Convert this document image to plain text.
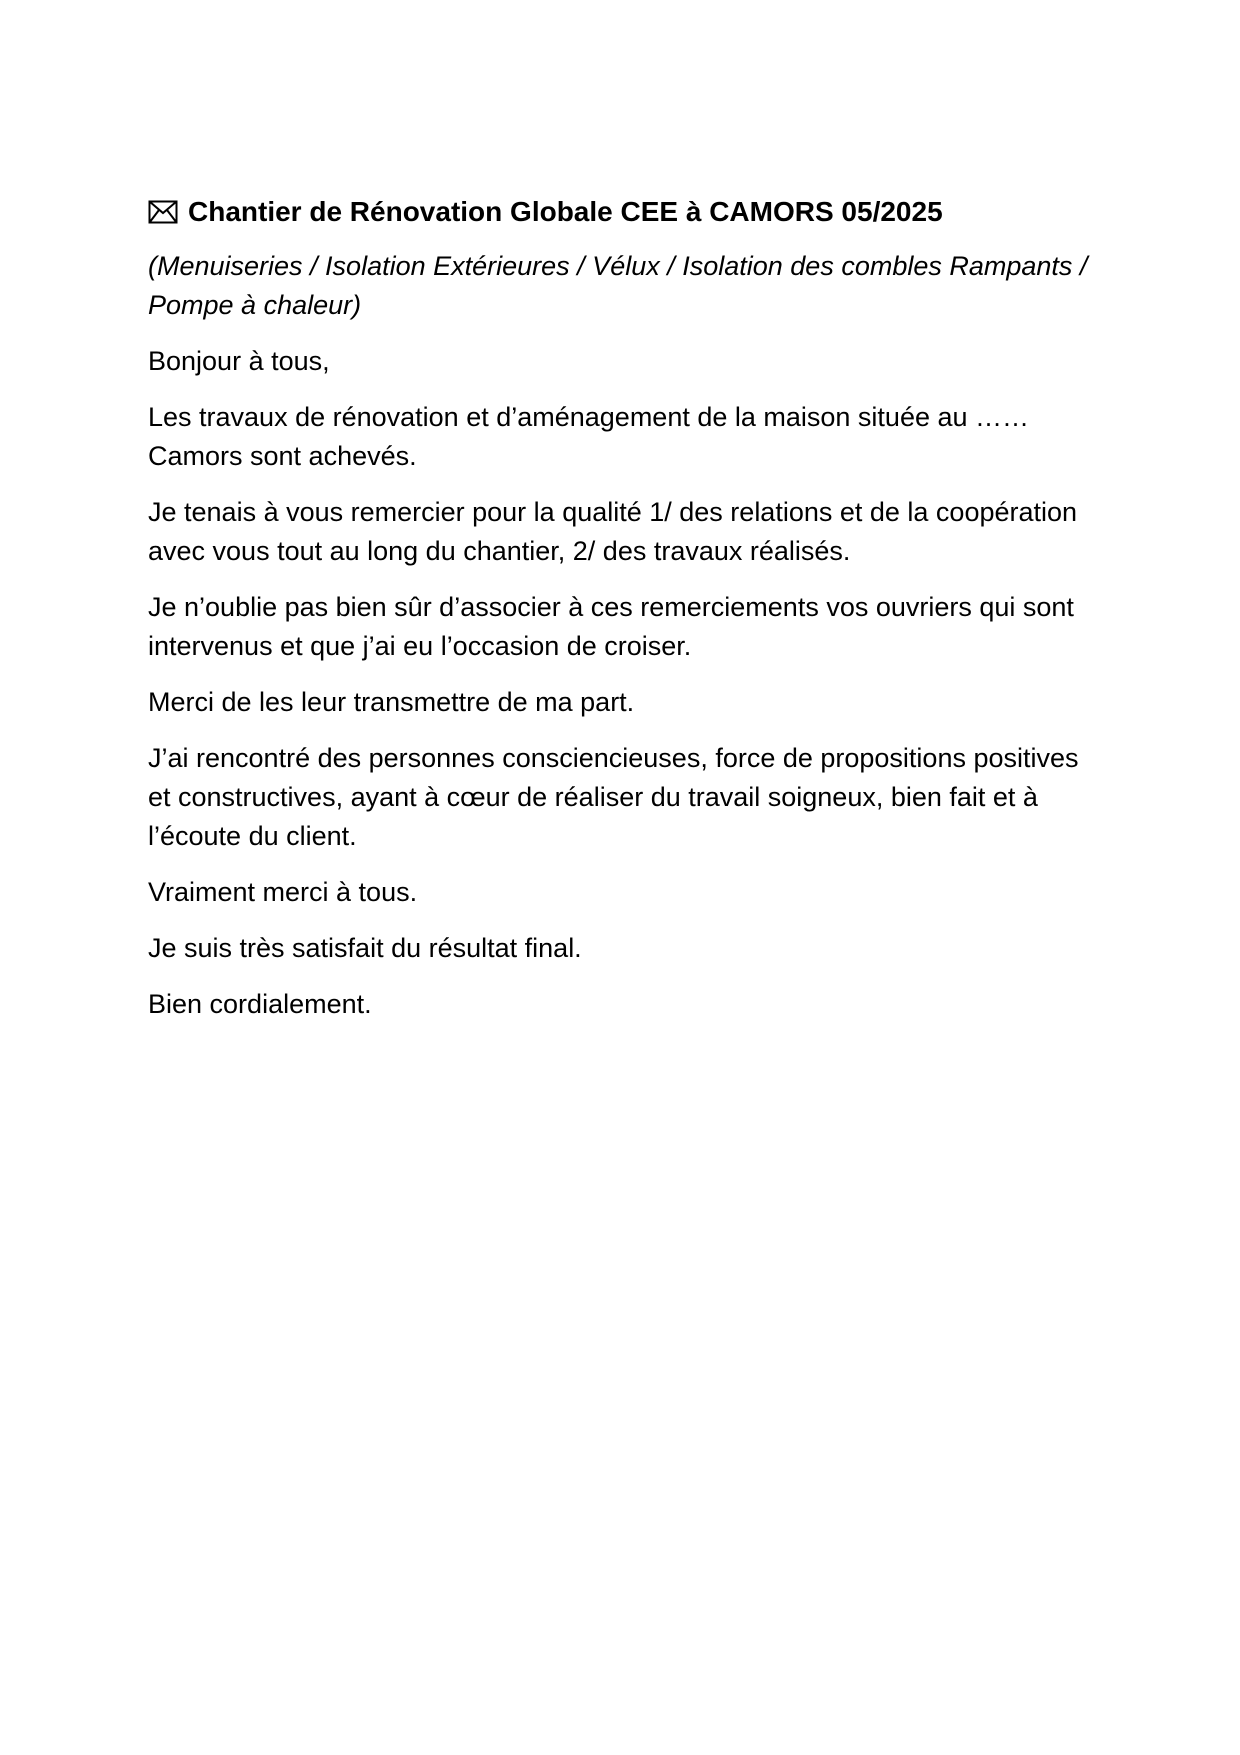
Chantier de Rénovation Globale CEE à CAMORS 05/2025

(Menuiseries / Isolation Extérieures / Vélux / Isolation des combles Rampants / Pompe à chaleur)

Bonjour à tous,

Les travaux de rénovation et d’aménagement de la maison située au …… Camors sont achevés.

Je tenais à vous remercier pour la qualité 1/ des relations et de la coopération avec vous tout au long du chantier, 2/ des travaux réalisés.

Je n’oublie pas bien sûr d’associer à ces remerciements vos ouvriers qui sont intervenus et que j’ai eu l’occasion de croiser.

Merci de les leur transmettre de ma part.

J’ai rencontré des personnes consciencieuses, force de propositions positives et constructives, ayant à cœur de réaliser du travail soigneux, bien fait et à l’écoute du client.

Vraiment merci à tous.

Je suis très satisfait du résultat final.

Bien cordialement.
